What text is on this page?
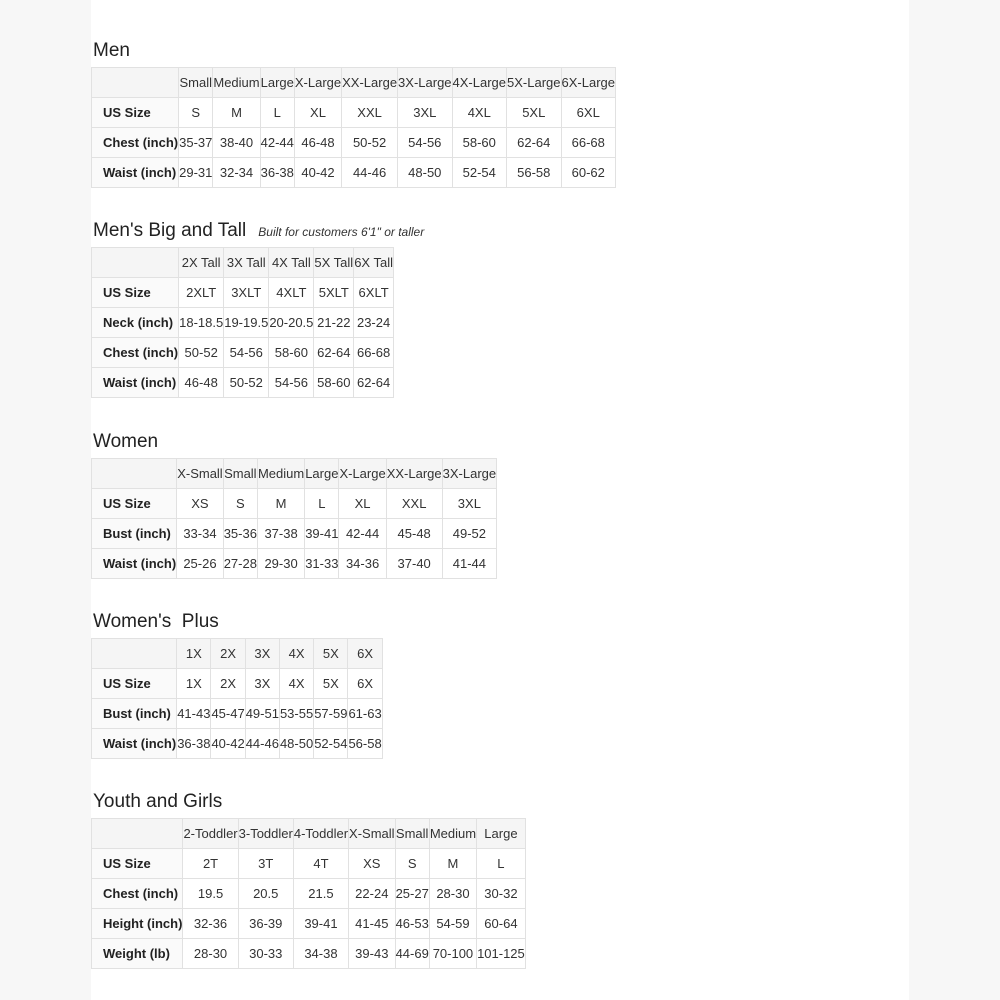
Men
	Small	Medium	Large	X-Large	XX-Large	3X-Large	4X-Large	5X-Large	6X-Large
US Size	S	M	L	XL	XXL	3XL	4XL	5XL	6XL
Chest (inch)	35-37	38-40	42-44	46-48	50-52	54-56	58-60	62-64	66-68
Waist (inch)	29-31	32-34	36-38	40-42	44-46	48-50	52-54	56-58	60-62
Men's Big and Tall Built for customers 6'1" or taller
	2X Tall	3X Tall	4X Tall	5X Tall	6X Tall
US Size	2XLT	3XLT	4XLT	5XLT	6XLT
Neck (inch)	18-18.5	19-19.5	20-20.5	21-22	23-24
Chest (inch)	50-52	54-56	58-60	62-64	66-68
Waist (inch)	46-48	50-52	54-56	58-60	62-64
Women
	X-Small	Small	Medium	Large	X-Large	XX-Large	3X-Large
US Size	XS	S	M	L	XL	XXL	3XL
Bust (inch)	33-34	35-36	37-38	39-41	42-44	45-48	49-52
Waist (inch)	25-26	27-28	29-30	31-33	34-36	37-40	41-44
Women's  Plus
	1X	2X	3X	4X	5X	6X
US Size	1X	2X	3X	4X	5X	6X
Bust (inch)	41-43	45-47	49-51	53-55	57-59	61-63
Waist (inch)	36-38	40-42	44-46	48-50	52-54	56-58
Youth and Girls
	2-Toddler	3-Toddler	4-Toddler	X-Small	Small	Medium	Large
US Size	2T	3T	4T	XS	S	M	L
Chest (inch)	19.5	20.5	21.5	22-24	25-27	28-30	30-32
Height (inch)	32-36	36-39	39-41	41-45	46-53	54-59	60-64
Weight (lb)	28-30	30-33	34-38	39-43	44-69	70-100	101-125
